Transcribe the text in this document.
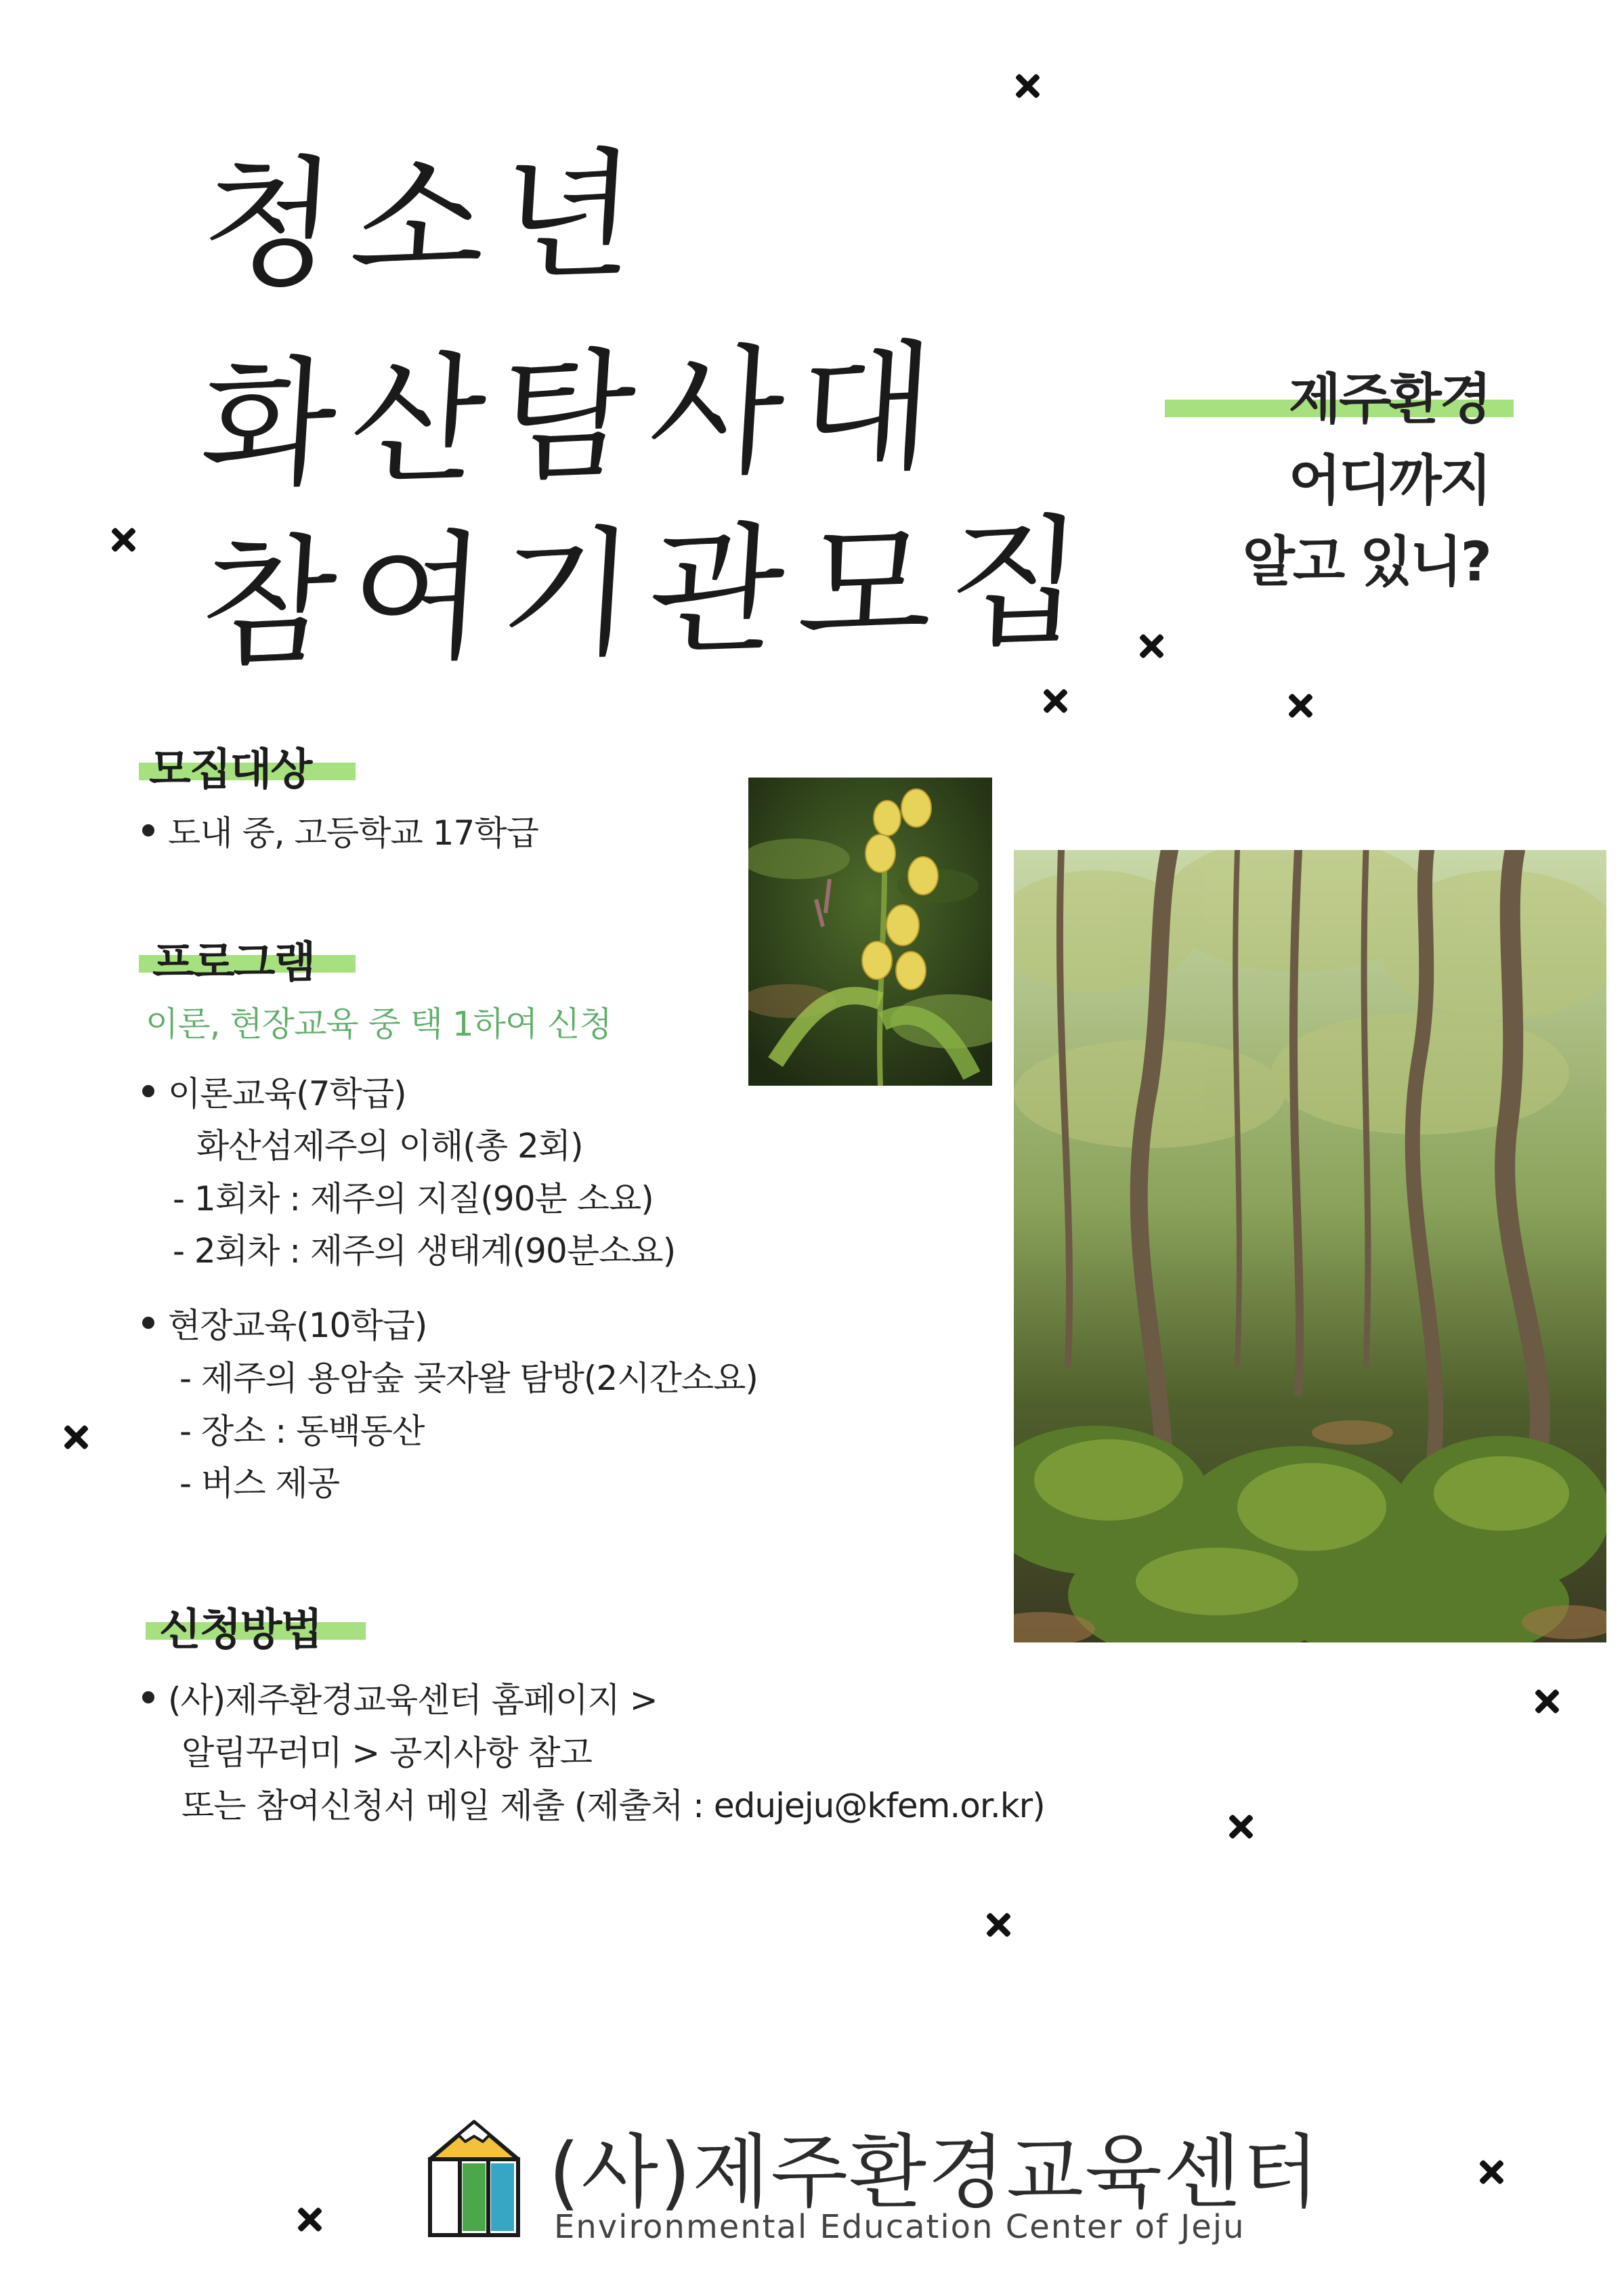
청소년
화산탐사대
참여기관모집
제주환경
어디까지
알고 있니?
모집대상
도내 중, 고등학교 17학급
프로그램
이론, 현장교육 중 택 1하여 신청
이론교육(7학급)
화산섬제주의 이해(총 2회)
- 1회차 : 제주의 지질(90분 소요)
- 2회차 : 제주의 생태계(90분소요)
현장교육(10학급)
- 제주의 용암숲 곶자왈 탐방(2시간소요)
- 장소 : 동백동산
- 버스 제공
신청방법
(사)제주환경교육센터 홈페이지 >
알림꾸러미 > 공지사항 참고
또는 참여신청서 메일 제출 (제출처 : edujeju@kfem.or.kr)
(사)제주환경교육센터
Environmental Education Center of Jeju
